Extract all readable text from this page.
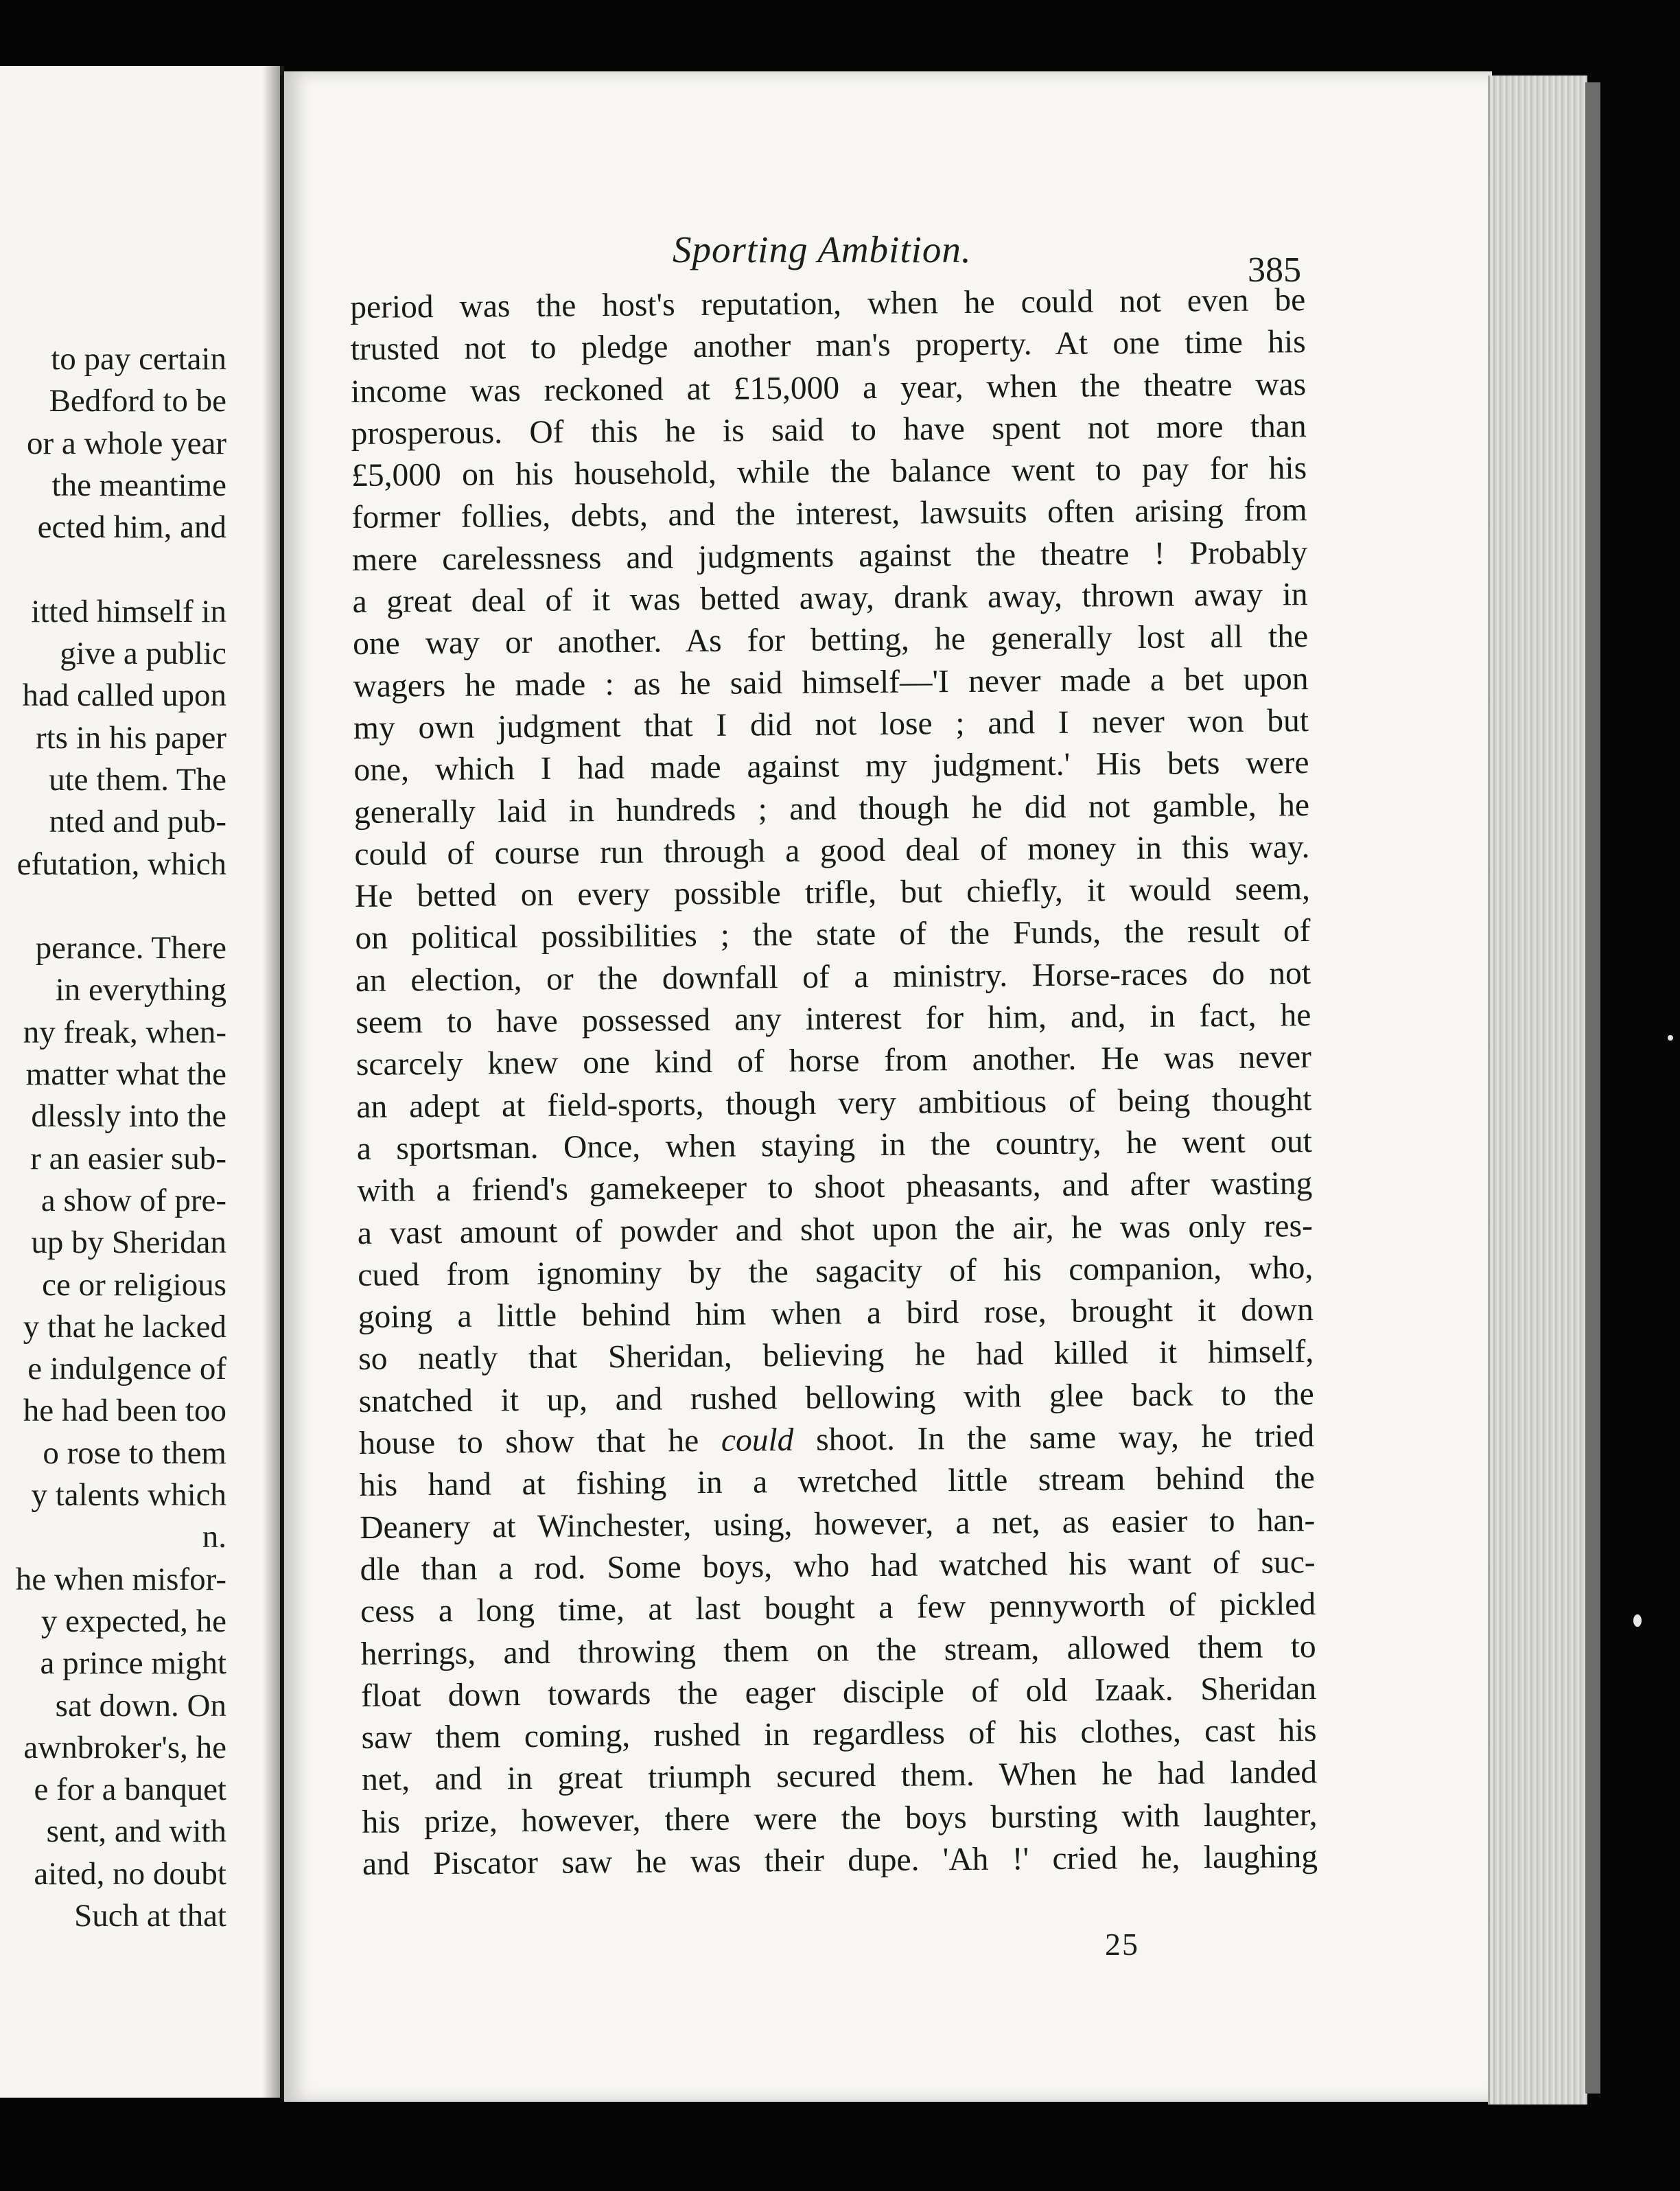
to pay certain
Bedford to be
or a whole year
the meantime
ected him, and
itted himself in
give a public
had called upon
rts in his paper
ute them. The
nted and pub-
efutation, which
perance. There
in everything
ny freak, when-
matter what the
dlessly into the
r an easier sub-
a show of pre-
up by Sheridan
ce or religious
y that he lacked
e indulgence of
he had been too
o rose to them
y talents which
n.
he when misfor-
y expected, he
a prince might
sat down. On
awnbroker's, he
e for a banquet
sent, and with
aited, no doubt
Such at that
Sporting Ambition.	385
period was the host's reputation, when he could not even be
trusted not to pledge another man's property. At one time his
income was reckoned at £15,000 a year, when the theatre was
prosperous. Of this he is said to have spent not more than
£5,000 on his household, while the balance went to pay for his
former follies, debts, and the interest, lawsuits often arising from
mere carelessness and judgments against the theatre ! Probably
a great deal of it was betted away, drank away, thrown away in
one way or another. As for betting, he generally lost all the
wagers he made : as he said himself—'I never made a bet upon
my own judgment that I did not lose ; and I never won but
one, which I had made against my judgment.' His bets were
generally laid in hundreds ; and though he did not gamble, he
could of course run through a good deal of money in this way.
He betted on every possible trifle, but chiefly, it would seem,
on political possibilities ; the state of the Funds, the result of
an election, or the downfall of a ministry. Horse-races do not
seem to have possessed any interest for him, and, in fact, he
scarcely knew one kind of horse from another. He was never
an adept at field-sports, though very ambitious of being thought
a sportsman. Once, when staying in the country, he went out
with a friend's gamekeeper to shoot pheasants, and after wasting
a vast amount of powder and shot upon the air, he was only res-
cued from ignominy by the sagacity of his companion, who,
going a little behind him when a bird rose, brought it down
so neatly that Sheridan, believing he had killed it himself,
snatched it up, and rushed bellowing with glee back to the
house to show that he could shoot. In the same way, he tried
his hand at fishing in a wretched little stream behind the
Deanery at Winchester, using, however, a net, as easier to han-
dle than a rod. Some boys, who had watched his want of suc-
cess a long time, at last bought a few pennyworth of pickled
herrings, and throwing them on the stream, allowed them to
float down towards the eager disciple of old Izaak. Sheridan
saw them coming, rushed in regardless of his clothes, cast his
net, and in great triumph secured them. When he had landed
his prize, however, there were the boys bursting with laughter,
and Piscator saw he was their dupe. 'Ah !' cried he, laughing
25
